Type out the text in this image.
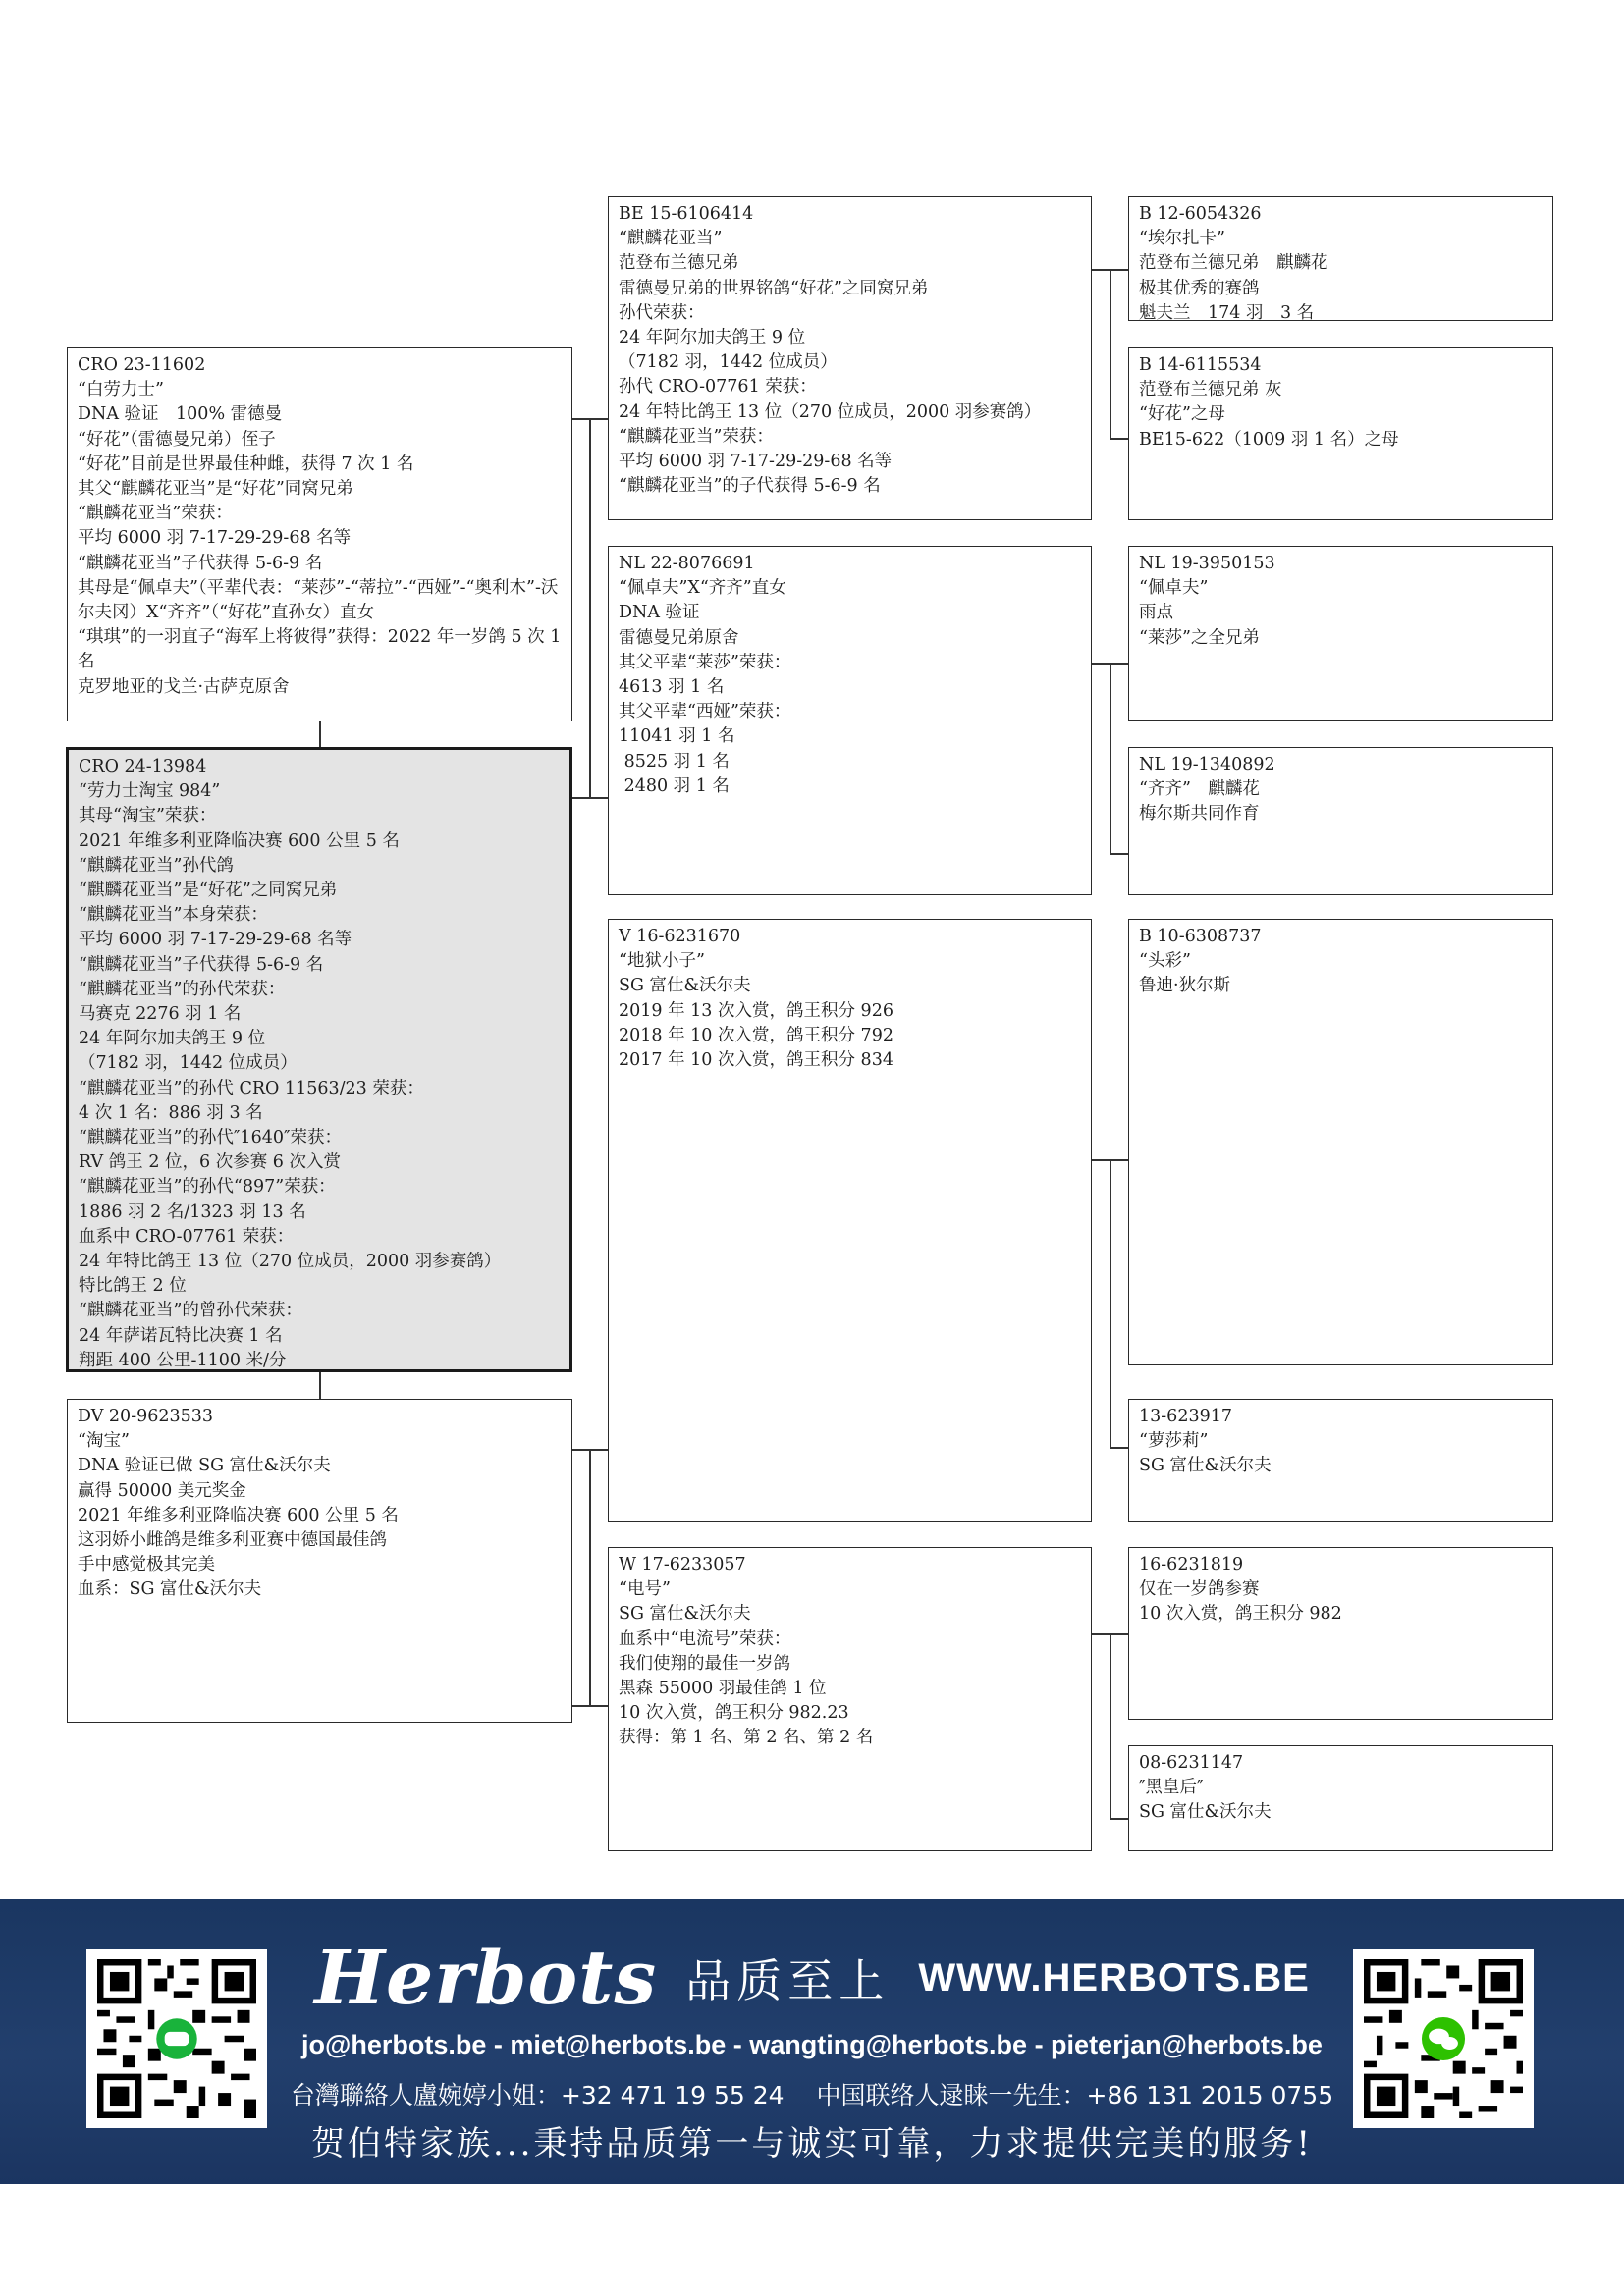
CRO 23-11602
“白劳力士”
DNA 验证　100% 雷德曼
“好花”（雷德曼兄弟）侄子
“好花”目前是世界最佳种雌，获得 7 次 1 名
其父“麒麟花亚当”是“好花”同窝兄弟
“麒麟花亚当”荣获：
平均 6000 羽 7-17-29-29-68 名等
“麒麟花亚当”子代获得 5-6-9 名
其母是“佩卓夫”（平辈代表：“莱莎”-“蒂拉”-“西娅”-“奥利木”-沃尔夫冈）X“齐齐”（“好花”直孙女）直女
“琪琪”的一羽直子“海军上将彼得”获得：2022 年一岁鸽 5 次 1 名
克罗地亚的戈兰·古萨克原舍
CRO 24-13984
“劳力士淘宝 984”
其母“淘宝”荣获：
2021 年维多利亚降临决赛 600 公里 5 名
“麒麟花亚当”孙代鸽
“麒麟花亚当”是“好花”之同窝兄弟
“麒麟花亚当”本身荣获：
平均 6000 羽 7-17-29-29-68 名等
“麒麟花亚当”子代获得 5-6-9 名
“麒麟花亚当”的孙代荣获：
马赛克 2276 羽 1 名
24 年阿尔加夫鸽王 9 位
（7182 羽，1442 位成员）
“麒麟花亚当”的孙代 CRO 11563/23 荣获：
4 次 1 名：886 羽 3 名
“麒麟花亚当”的孙代″1640″荣获：
RV 鸽王 2 位，6 次参赛 6 次入赏
“麒麟花亚当”的孙代“897”荣获：
1886 羽 2 名/1323 羽 13 名
血系中 CRO-07761 荣获：
24 年特比鸽王 13 位（270 位成员，2000 羽参赛鸽）
特比鸽王 2 位
“麒麟花亚当”的曾孙代荣获：
24 年萨诺瓦特比决赛 1 名
翔距 400 公里-1100 米/分
DV 20-9623533
“淘宝”
DNA 验证已做 SG 富仕&沃尔夫
赢得 50000 美元奖金
2021 年维多利亚降临决赛 600 公里 5 名
这羽娇小雌鸽是维多利亚赛中德国最佳鸽
手中感觉极其完美
血系：SG 富仕&沃尔夫
BE 15-6106414
“麒麟花亚当”
范登布兰德兄弟
雷德曼兄弟的世界铭鸽“好花”之同窝兄弟
孙代荣获：
24 年阿尔加夫鸽王 9 位
（7182 羽，1442 位成员）
孙代 CRO-07761 荣获：
24 年特比鸽王 13 位（270 位成员，2000 羽参赛鸽）
“麒麟花亚当”荣获：
平均 6000 羽 7-17-29-29-68 名等
“麒麟花亚当”的子代获得 5-6-9 名
NL 22-8076691
“佩卓夫”X“齐齐”直女
DNA 验证
雷德曼兄弟原舍
其父平辈“莱莎”荣获：
4613 羽 1 名
其父平辈“西娅”荣获：
11041 羽 1 名
8525 羽 1 名
2480 羽 1 名
V 16-6231670
“地狱小子”
SG 富仕&沃尔夫
2019 年 13 次入赏，鸽王积分 926
2018 年 10 次入赏，鸽王积分 792
2017 年 10 次入赏，鸽王积分 834
W 17-6233057
“电号”
SG 富仕&沃尔夫
血系中“电流号”荣获：
我们使翔的最佳一岁鸽
黑森 55000 羽最佳鸽 1 位
10 次入赏，鸽王积分 982.23
获得：第 1 名、第 2 名、第 2 名
B 12-6054326
“埃尔扎卡”
范登布兰德兄弟　麒麟花
极其优秀的赛鸽
魁夫兰　174 羽　3 名
B 14-6115534
范登布兰德兄弟 灰
“好花”之母
BE15-622（1009 羽 1 名）之母
NL 19-3950153
“佩卓夫”
雨点
“莱莎”之全兄弟
NL 19-1340892
“齐齐”　麒麟花
梅尔斯共同作育
B 10-6308737
“头彩”
鲁迪·狄尔斯
13-623917
“萝莎莉”
SG 富仕&沃尔夫
16-6231819
仅在一岁鸽参赛
10 次入赏，鸽王积分 982
08-6231147
″黑皇后″
SG 富仕&沃尔夫
Herbots 品质至上 WWW.HERBOTS.BE
jo@herbots.be - miet@herbots.be - wangting@herbots.be - pieterjan@herbots.be
台灣聯絡人盧婉婷小姐：+32 471 19 55 24　 中国联络人逯睐一先生：+86 131 2015 0755
贺伯特家族...秉持品质第一与诚实可靠，力求提供完美的服务!
